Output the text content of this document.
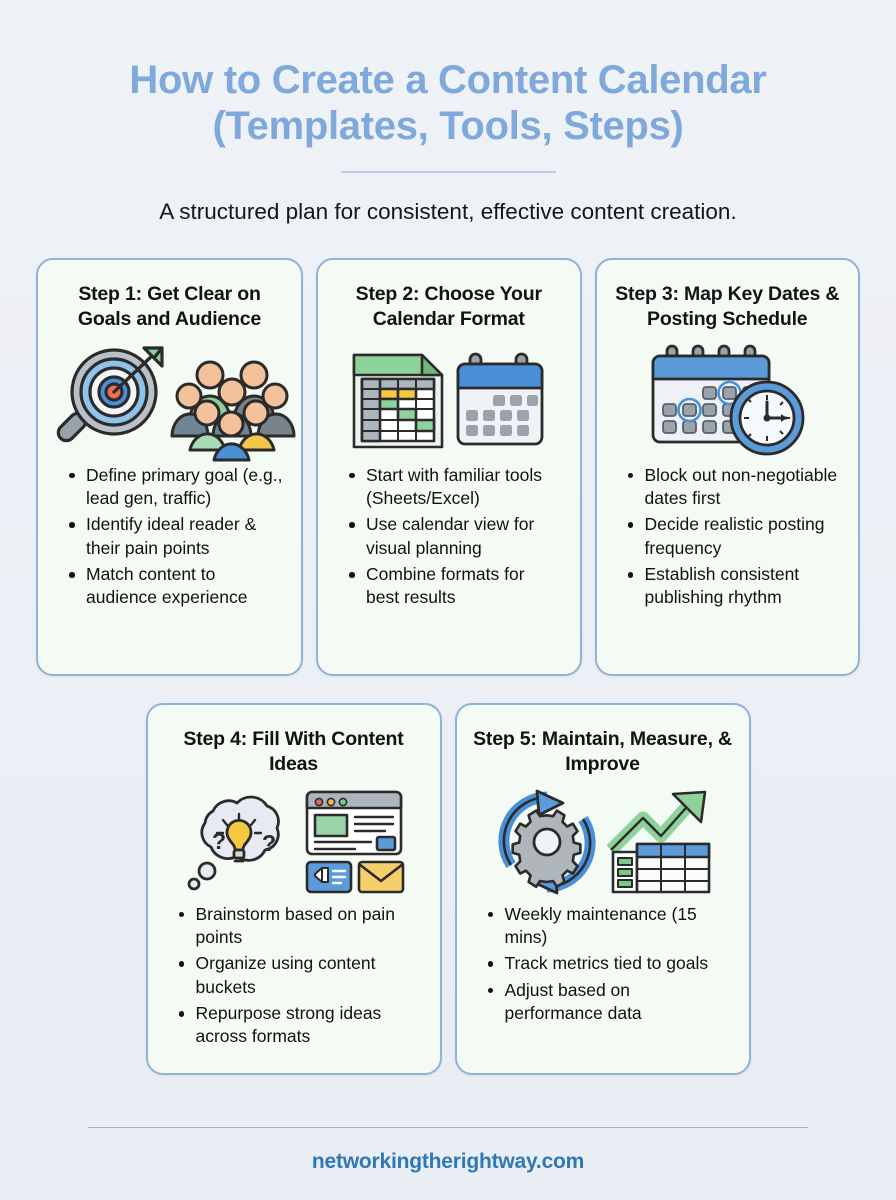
How to Create a Content Calendar
(Templates, Tools, Steps)

A structured plan for consistent, effective content creation.

Step 1: Get Clear on Goals and Audience
Define primary goal (e.g., lead gen, traffic)
Identify ideal reader & their pain points
Match content to audience experience
Step 2: Choose Your Calendar Format
Start with familiar tools (Sheets/Excel)
Use calendar view for visual planning
Combine formats for best results
Step 3: Map Key Dates & Posting Schedule
Block out non-negotiable dates first
Decide realistic posting frequency
Establish consistent publishing rhythm
Step 4: Fill With Content Ideas
? ?
Brainstorm based on pain points
Organize using content buckets
Repurpose strong ideas across formats
Step 5: Maintain, Measure, & Improve
Weekly maintenance (15 mins)
Track metrics tied to goals
Adjust based on performance data
networkingtherightway.com
